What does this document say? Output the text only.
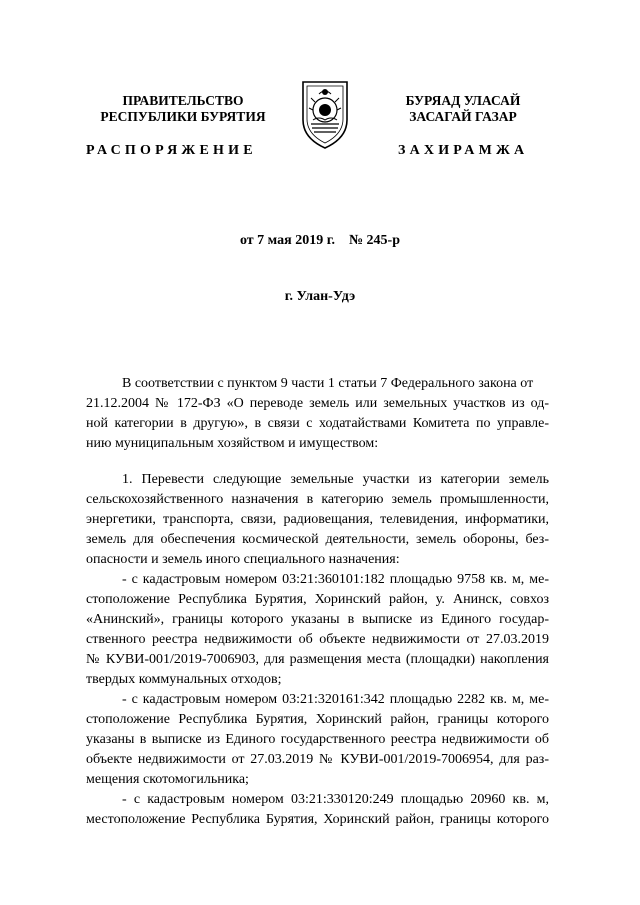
ПРАВИТЕЛЬСТВО
РЕСПУБЛИКИ БУРЯТИЯ
БУРЯАД УЛАСАЙ
ЗАСАГАЙ ГАЗАР
РАСПОРЯЖЕНИЕ	ЗАХИРАМЖА
от 7 мая 2019 г.    № 245-р
г. Улан-Удэ
В соответствии с пунктом 9 части 1 статьи 7 Федерального закона от
21.12.2004 № 172-ФЗ «О переводе земель или земельных участков из од-
ной категории в другую», в связи с ходатайствами Комитета по управле-
нию муниципальным хозяйством и имуществом:
1. Перевести следующие земельные участки из категории земель
сельскохозяйственного назначения в категорию земель промышленности,
энергетики, транспорта, связи, радиовещания, телевидения, информатики,
земель для обеспечения космической деятельности, земель обороны, без-
опасности и земель иного специального назначения:
- с кадастровым номером 03:21:360101:182 площадью 9758 кв. м, ме-
стоположение Республика Бурятия, Хоринский район, у. Анинск, совхоз
«Анинский», границы которого указаны в выписке из Единого государ-
ственного реестра недвижимости об объекте недвижимости от 27.03.2019
№ КУВИ-001/2019-7006903, для размещения места (площадки) накопления
твердых коммунальных отходов;
- с кадастровым номером 03:21:320161:342 площадью 2282 кв. м, ме-
стоположение Республика Бурятия, Хоринский район, границы которого
указаны в выписке из Единого государственного реестра недвижимости об
объекте недвижимости от 27.03.2019 № КУВИ-001/2019-7006954, для раз-
мещения скотомогильника;
- с кадастровым номером 03:21:330120:249 площадью 20960 кв. м,
местоположение Республика Бурятия, Хоринский район, границы которого
